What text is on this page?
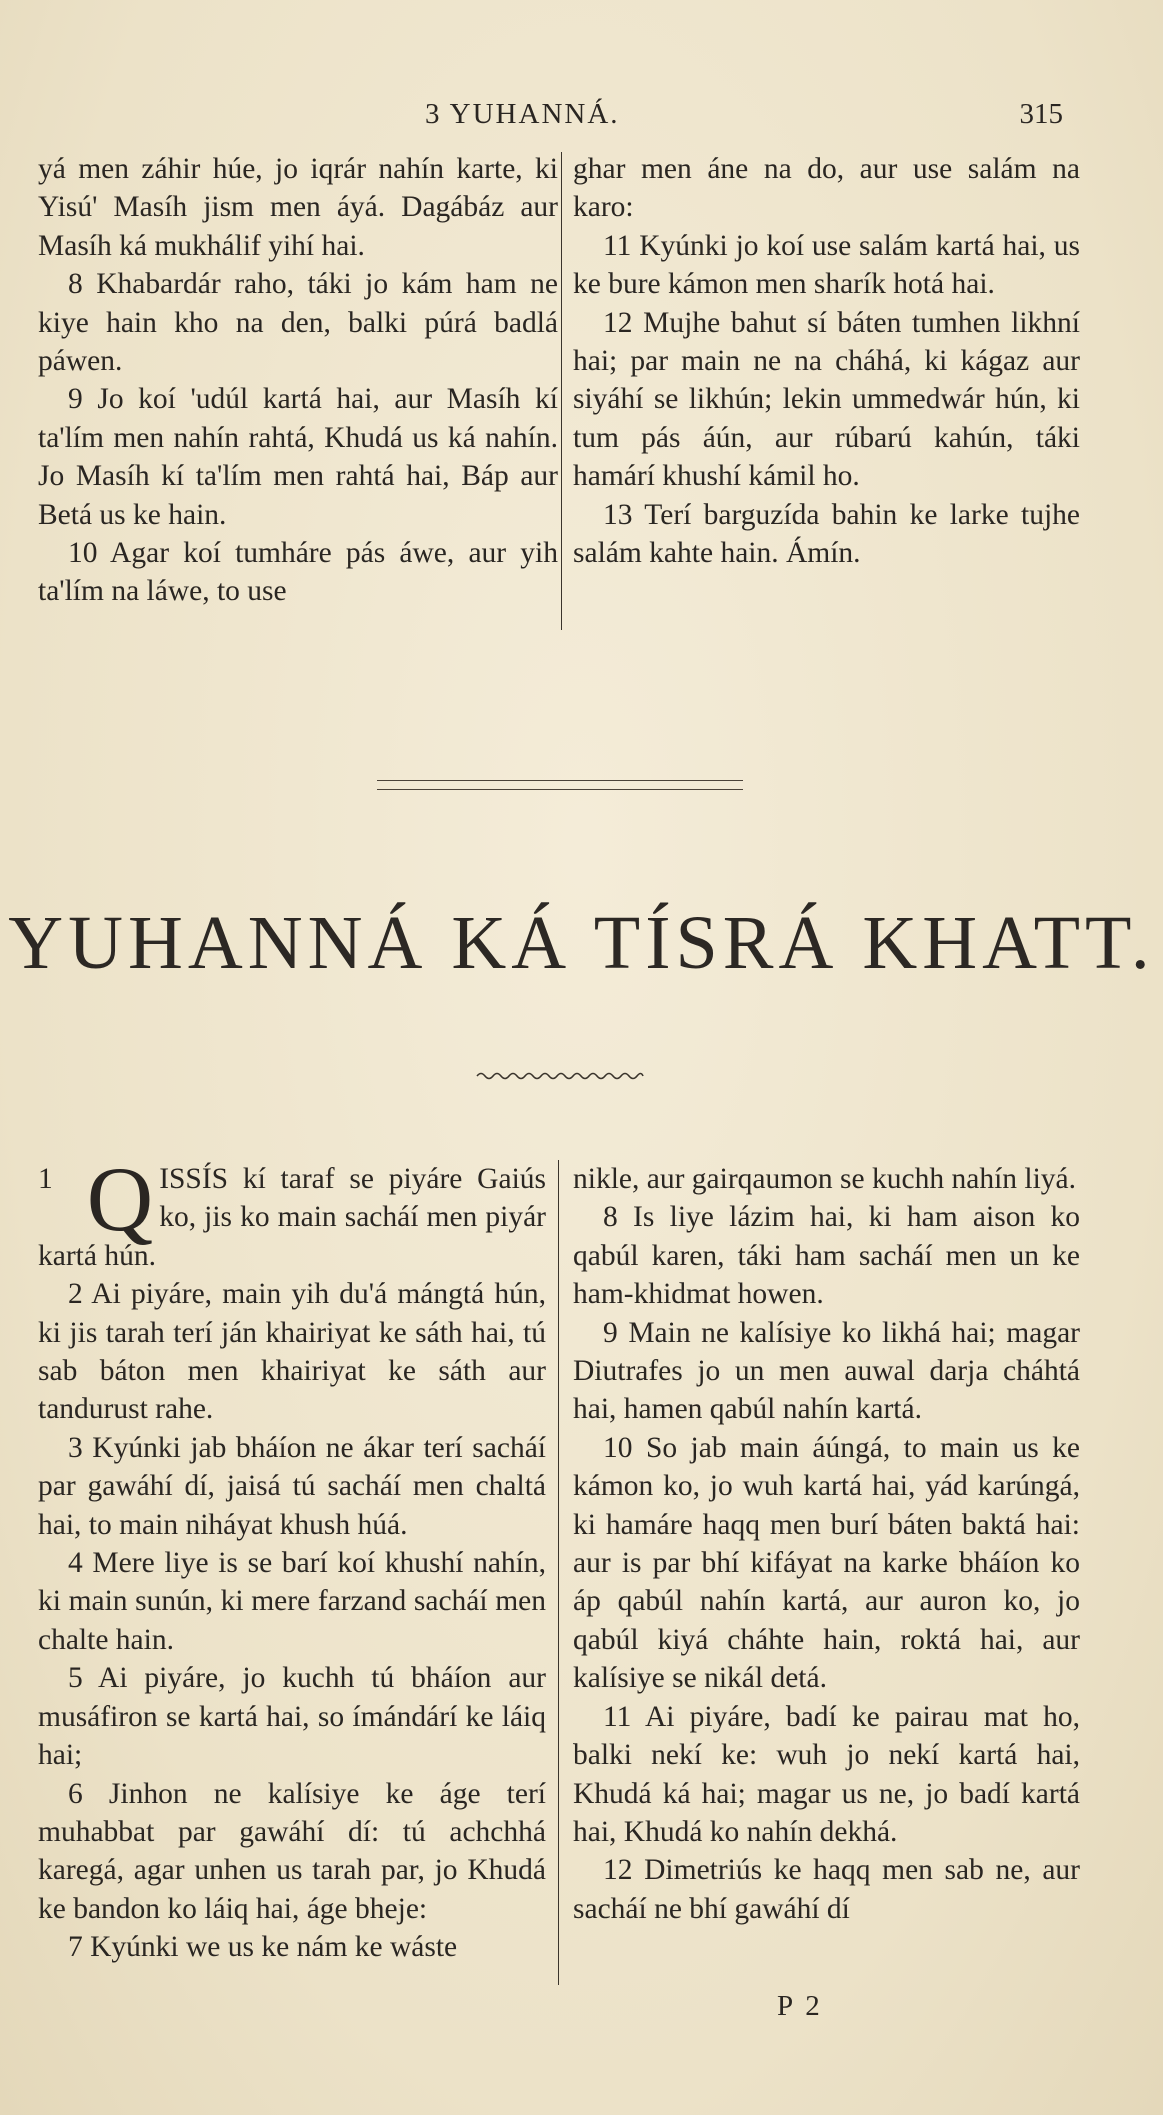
3 YUHANNÁ.	315

yá men záhir húe, jo iqrár nahín karte, ki Yisú' Masíh jism men áyá. Dagábáz aur Masíh ká mukhálif yihí hai.

8 Khabardár raho, táki jo kám ham ne kiye hain kho na den, balki púrá badlá páwen.

9 Jo koí 'udúl kartá hai, aur Masíh kí ta'lím men nahín rahtá, Khudá us ká nahín. Jo Masíh kí ta'lím men rahtá hai, Báp aur Betá us ke hain.

10 Agar koí tumháre pás áwe, aur yih ta'lím na láwe, to use

ghar men áne na do, aur use salám na karo:

11 Kyúnki jo koí use salám kartá hai, us ke bure kámon men sharík hotá hai.

12 Mujhe bahut sí báten tumhen likhní hai; par main ne na cháhá, ki kágaz aur siyáhí se likhún; lekin ummedwár hún, ki tum pás áún, aur rúbarú kahún, táki hamárí khushí kámil ho.

13 Terí barguzída bahin ke larke tujhe salám kahte hain. Ámín.

YUHANNÁ KÁ TÍSRÁ KHATT.

1 Q ISSÍS kí taraf se piyáre Gaiús ko, jis ko main sacháí men piyár kartá hún.

2 Ai piyáre, main yih du'á mángtá hún, ki jis tarah terí ján khairiyat ke sáth hai, tú sab báton men khairiyat ke sáth aur tandurust rahe.

3 Kyúnki jab bháíon ne ákar terí sacháí par gawáhí dí, jaisá tú sacháí men chaltá hai, to main niháyat khush húá.

4 Mere liye is se barí koí khushí nahín, ki main sunún, ki mere farzand sacháí men chalte hain.

5 Ai piyáre, jo kuchh tú bháíon aur musáfiron se kartá hai, so ímándárí ke láiq hai;

6 Jinhon ne kalísiye ke áge terí muhabbat par gawáhí dí: tú achchhá karegá, agar unhen us tarah par, jo Khudá ke bandon ko láiq hai, áge bheje:

7 Kyúnki we us ke nám ke wáste

nikle, aur gairqaumon se kuchh nahín liyá.

8 Is liye lázim hai, ki ham aison ko qabúl karen, táki ham sacháí men un ke ham-khidmat howen.

9 Main ne kalísiye ko likhá hai; magar Diutrafes jo un men auwal darja cháhtá hai, hamen qabúl nahín kartá.

10 So jab main áúngá, to main us ke kámon ko, jo wuh kartá hai, yád karúngá, ki hamáre haqq men burí báten baktá hai: aur is par bhí kifáyat na karke bháíon ko áp qabúl nahín kartá, aur auron ko, jo qabúl kiyá cháhte hain, roktá hai, aur kalísiye se nikál detá.

11 Ai piyáre, badí ke pairau mat ho, balki nekí ke: wuh jo nekí kartá hai, Khudá ká hai; magar us ne, jo badí kartá hai, Khudá ko nahín dekhá.

12 Dimetriús ke haqq men sab ne, aur sacháí ne bhí gawáhí dí

P 2
